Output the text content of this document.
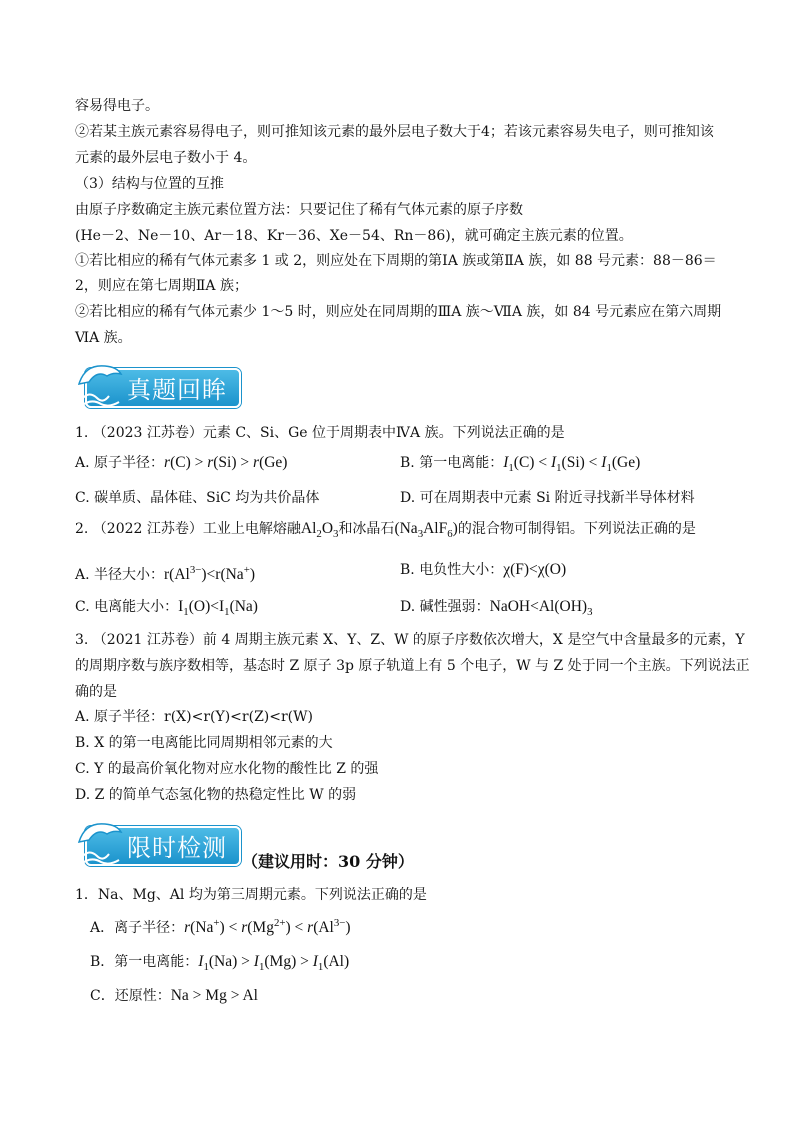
容易得电子。
②若某主族元素容易得电子，则可推知该元素的最外层电子数大于4；若该元素容易失电子，则可推知该
元素的最外层电子数小于 4。
（3）结构与位置的互推
由原子序数确定主族元素位置方法：只要记住了稀有气体元素的原子序数
(He－2、Ne－10、Ar－18、Kr－36、Xe－54、Rn－86)，就可确定主族元素的位置。
①若比相应的稀有气体元素多 1 或 2，则应处在下周期的第ⅠA 族或第ⅡA 族，如 88 号元素：88－86＝
2，则应在第七周期ⅡA 族；
②若比相应的稀有气体元素少 1～5 时，则应处在同周期的ⅢA 族～ⅦA 族，如 84 号元素应在第六周期
ⅥA 族。
真题回眸
1. （2023 江苏卷）元素 C、Si、Ge 位于周期表中ⅣA 族。下列说法正确的是
A. 原子半径：r(C) > r(Si) > r(Ge)	B. 第一电离能：$I_1(C) < I_1(Si) < I_1(Ge)$
C. 碳单质、晶体硅、SiC 均为共价晶体	D. 可在周期表中元素 Si 附近寻找新半导体材料
2. （2022 江苏卷）工业上电解熔融$Al_2O_3$和冰晶石$(Na_3AlF_6)$的混合物可制得铝。下列说法正确的是
A. 半径大小：$r(Al^{3-})<r(Na^+)$	B. 电负性大小：χ(F)<χ(O)
C. 电离能大小：$I_1(O)<I_1(Na)$	D. 碱性强弱：$NaOH<Al(OH)_3$
3. （2021 江苏卷）前 4 周期主族元素 X、Y、Z、W 的原子序数依次增大，X 是空气中含量最多的元素，Y
的周期序数与族序数相等，基态时 Z 原子 3p 原子轨道上有 5 个电子，W 与 Z 处于同一个主族。下列说法正
确的是
A. 原子半径：r(X)<r(Y)<r(Z)<r(W)
B. X 的第一电离能比同周期相邻元素的大
C. Y 的最高价氧化物对应水化物的酸性比 Z 的强
D. Z 的简单气态氢化物的热稳定性比 W 的弱
限时检测 （建议用时：30 分钟）
1．Na、Mg、Al 均为第三周期元素。下列说法正确的是
A．离子半径：$r(Na^+) < r(Mg^{2+}) < r(Al^{3-})$
B．第一电离能：$I_1(Na) > I_1(Mg) > I_1(Al)$
C．还原性：Na > Mg > Al
